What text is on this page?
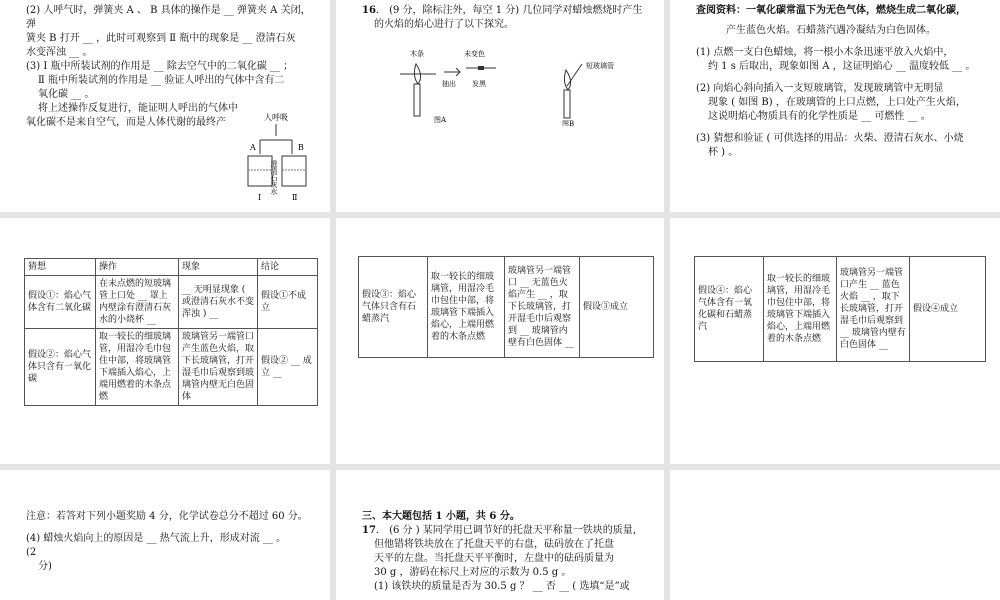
(2) 人呼气时，弹簧夹 A 、 B 具体的操作是 __ 弹簧夹 A 关闭，弹

簧夹 B 打开 __ ，此时可观察到 Ⅱ 瓶中的现象是 __ 澄清石灰

水变浑浊 __ 。

(3) Ⅰ 瓶中所装试剂的作用是 __ 除去空气中的二氧化碳 __ ；

Ⅱ 瓶中所装试剂的作用是 __ 验证人呼出的气体中含有二

氧化碳 __ 。

将上述操作反复进行，能证明人呼出的气体中

氧化碳不是来自空气，而是人体代谢的最终产	人呼吸
A	B
澄清石灰水
Ⅰ	Ⅱ

16． (9 分，除标注外，每空 1 分) 几位同学对蜡烛燃烧时产生

的火焰的焰心进行了以下探究。

木条	未变色
抽出 发黑
图A
短玻璃管
图B

查阅资料：一氧化碳常温下为无色气体，燃烧生成二氧化碳，

产生蓝色火焰。石蜡蒸汽遇冷凝结为白色固体。

(1) 点燃一支白色蜡烛，将一根小木条迅速平放入火焰中，

约 1 s 后取出，现象如图 A ，这证明焰心 __ 温度较低 __ 。

(2) 向焰心斜向插入一支短玻璃管，发现玻璃管中无明显

现象 ( 如图 B) ，在玻璃管的上口点燃，上口处产生火焰，

这说明焰心物质具有的化学性质是 __ 可燃性 __ 。

(3) 猜想和验证 ( 可供选择的用品：火柴、澄清石灰水、小烧

杯 ) 。

猜想	操作	现象	结论
假设①：焰心气体含有二氧化碳	在未点燃的短玻璃管上口处 __ 罩上内壁涂有澄清石灰水的小烧杯 __	__ 无明显现象 ( 或澄清石灰水不变浑浊 ) __	假设①不成立
假设②：焰心气体只含有一氧化碳	取一较长的细玻璃管，用湿冷毛巾包住中部，将玻璃管下端插入焰心，上端用燃着的木条点燃	玻璃管另一端管口产生蓝色火焰，取下长玻璃管，打开湿毛巾后观察到玻璃管内壁无白色固体	假设② __ 成立 __
假设③：焰心气体只含有石蜡蒸汽	取一较长的细玻璃管，用湿冷毛巾包住中部，将玻璃管下端插入焰心，上端用燃着的木条点燃	玻璃管另一端管口 __ 无蓝色火焰产生 __ ，取下长玻璃管，打开湿毛巾后观察到 __ 玻璃管内壁有白色固体 __	假设③成立
假设④：焰心气体含有一氧化碳和石蜡蒸汽	取一较长的细玻璃管，用湿冷毛巾包住中部，将玻璃管下端插入焰心，上端用燃着的木条点燃	玻璃管另一端管口产生 __ 蓝色火焰 __ ，取下长玻璃管，打开湿毛巾后观察到 __ 玻璃管内壁有白色固体 __	假设④成立

注意：若答对下列小题奖励 4 分，化学试卷总分不超过 60 分。

(4) 蜡烛火焰向上的原因是 __ 热气流上升，形成对流 __ 。

(2

分)

三、本大题包括 1 小题，共 6 分。

17． (6 分 ) 某同学用已调节好的托盘天平称量一铁块的质量，

但他错将铁块放在了托盘天平的右盘，砝码放在了托盘

天平的左盘。当托盘天平平衡时，左盘中的砝码质量为

30 g ，游码在标尺上对应的示数为 0.5 g 。

(1) 该铁块的质量是否为 30.5 g ？ __ 否 __ ( 选填“是”或
